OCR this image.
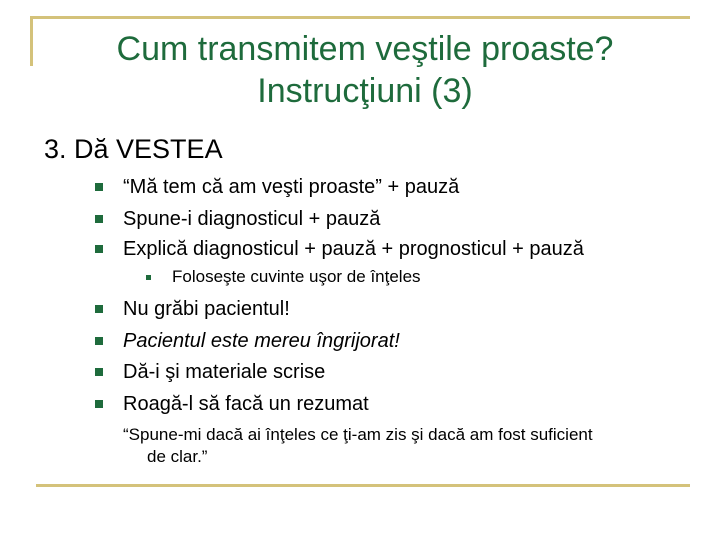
Cum transmitem veştile proaste?
Instrucţiuni (3)
3. Dă VESTEA
“Mă tem că am veşti proaste” + pauză
Spune-i diagnosticul + pauză
Explică diagnosticul + pauză + prognosticul + pauză
Foloseşte cuvinte uşor de înţeles
Nu grăbi pacientul!
Pacientul este mereu îngrijorat!
Dă-i şi materiale scrise
Roagă-l să facă un rezumat
“Spune-mi dacă ai înţeles ce ţi-am zis şi dacă am fost suficient
de clar.”
